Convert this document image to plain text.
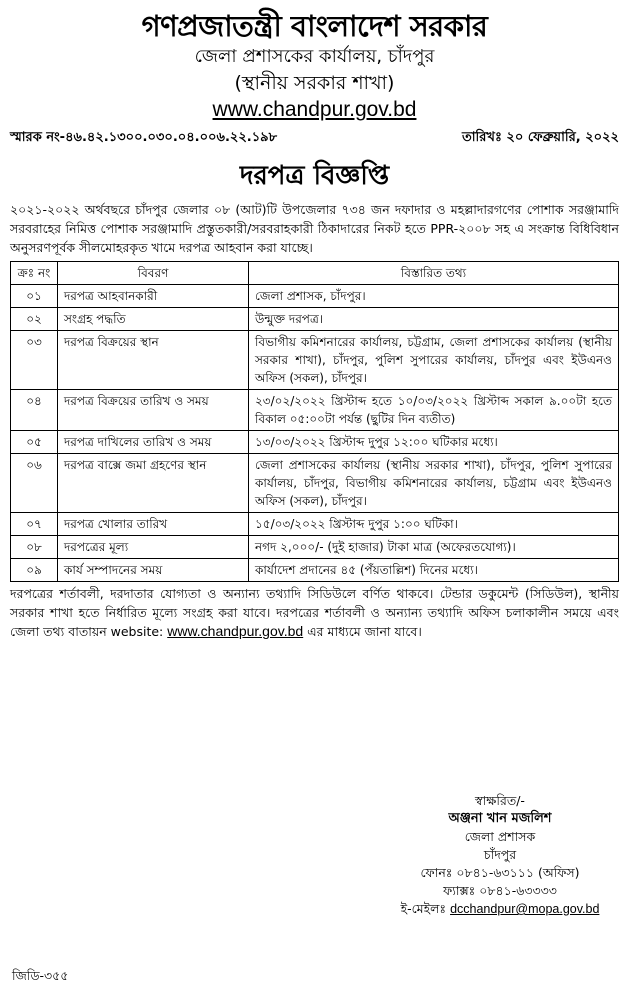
গণপ্রজাতন্ত্রী বাংলাদেশ সরকার
জেলা প্রশাসকের কার্যালয়, চাঁদপুর
(স্থানীয় সরকার শাখা)
www.chandpur.gov.bd
স্মারক নং-৪৬.৪২.১৩০০.০৩০.০৪.০০৬.২২.১৯৮	তারিখঃ ২০ ফেব্রুয়ারি, ২০২২
দরপত্র বিজ্ঞপ্তি

২০২১-২০২২ অর্থবছরে চাঁদপুর জেলার ০৮ (আট)টি উপজেলার ৭৩৪ জন দফাদার ও মহল্লাদারগণের পোশাক সরঞ্জামাদি সরবরাহের নিমিত্ত পোশাক সরঞ্জামাদি প্রস্তুতকারী/সরবরাহকারী ঠিকাদারের নিকট হতে PPR-২০০৮ সহ এ সংক্রান্ত বিধিবিধান অনুসরণপূর্বক সীলমোহরকৃত খামে দরপত্র আহবান করা যাচ্ছে।

ক্রঃ নং	বিবরণ	বিস্তারিত তথ্য
০১	দরপত্র আহবানকারী	জেলা প্রশাসক, চাঁদপুর।
০২	সংগ্রহ পদ্ধতি	উন্মুক্ত দরপত্র।
০৩	দরপত্র বিক্রয়ের স্থান	বিভাগীয় কমিশনারের কার্যালয়, চট্টগ্রাম, জেলা প্রশাসকের কার্যালয় (স্থানীয় সরকার শাখা), চাঁদপুর, পুলিশ সুপারের কার্যালয়, চাঁদপুর এবং ইউএনও অফিস (সকল), চাঁদপুর।
০৪	দরপত্র বিক্রয়ের তারিখ ও সময়	২৩/০২/২০২২ খ্রিস্টাব্দ হতে ১০/০৩/২০২২ খ্রিস্টাব্দ সকাল ৯.০০টা হতে বিকাল ০৫:০০টা পর্যন্ত (ছুটির দিন ব্যতীত)
০৫	দরপত্র দাখিলের তারিখ ও সময়	১৩/০৩/২০২২ খ্রিস্টাব্দ দুপুর ১২:০০ ঘটিকার মধ্যে।
০৬	দরপত্র বাক্সে জমা গ্রহণের স্থান	জেলা প্রশাসকের কার্যালয় (স্থানীয় সরকার শাখা), চাঁদপুর, পুলিশ সুপারের কার্যালয়, চাঁদপুর, বিভাগীয় কমিশনারের কার্যালয়, চট্টগ্রাম এবং ইউএনও অফিস (সকল), চাঁদপুর।
০৭	দরপত্র খোলার তারিখ	১৫/০৩/২০২২ খ্রিস্টাব্দ দুপুর ১:০০ ঘটিকা।
০৮	দরপত্রের মূল্য	নগদ ২,০০০/- (দুই হাজার) টাকা মাত্র (অফেরতযোগ্য)।
০৯	কার্য সম্পাদনের সময়	কার্যাদেশ প্রদানের ৪৫ (পঁয়তাল্লিশ) দিনের মধ্যে।

দরপত্রের শর্তাবলী, দরদাতার যোগ্যতা ও অন্যান্য তথ্যাদি সিডিউলে বর্ণিত থাকবে। টেন্ডার ডকুমেন্ট (সিডিউল), স্থানীয় সরকার শাখা হতে নির্ধারিত মূল্যে সংগ্রহ করা যাবে। দরপত্রের শর্তাবলী ও অন্যান্য তথ্যাদি অফিস চলাকালীন সময়ে এবং জেলা তথ্য বাতায়ন website: www.chandpur.gov.bd এর মাধ্যমে জানা যাবে।

স্বাক্ষরিত/-
অঞ্জনা খান মজলিশ
জেলা প্রশাসক
চাঁদপুর
ফোনঃ ০৮৪১-৬৩১১১ (অফিস)
ফ্যাক্সঃ ০৮৪১-৬৩৩৩৩
ই-মেইলঃ dcchandpur@mopa.gov.bd
জিডি-৩৫৫
